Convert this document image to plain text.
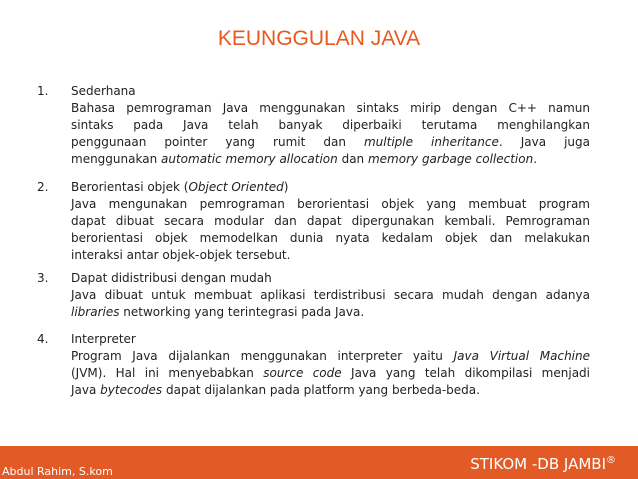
KEUNGGULAN JAVA
1. Sederhana
Bahasa pemrograman Java menggunakan sintaks mirip dengan C++ namun
sintaks pada Java telah banyak diperbaiki terutama menghilangkan
penggunaan pointer yang rumit dan multiple inheritance. Java juga
menggunakan automatic memory allocation dan memory garbage collection.
2. Berorientasi objek (Object Oriented)
Java mengunakan pemrograman berorientasi objek yang membuat program
dapat dibuat secara modular dan dapat dipergunakan kembali. Pemrograman
berorientasi objek memodelkan dunia nyata kedalam objek dan melakukan
interaksi antar objek-objek tersebut.
3. Dapat didistribusi dengan mudah
Java dibuat untuk membuat aplikasi terdistribusi secara mudah dengan adanya
libraries networking yang terintegrasi pada Java.
4. Interpreter
Program Java dijalankan menggunakan interpreter yaitu Java Virtual Machine
(JVM). Hal ini menyebabkan source code Java yang telah dikompilasi menjadi
Java bytecodes dapat dijalankan pada platform yang berbeda-beda.
Abdul Rahim, S.kom	STIKOM -DB JAMBI®
